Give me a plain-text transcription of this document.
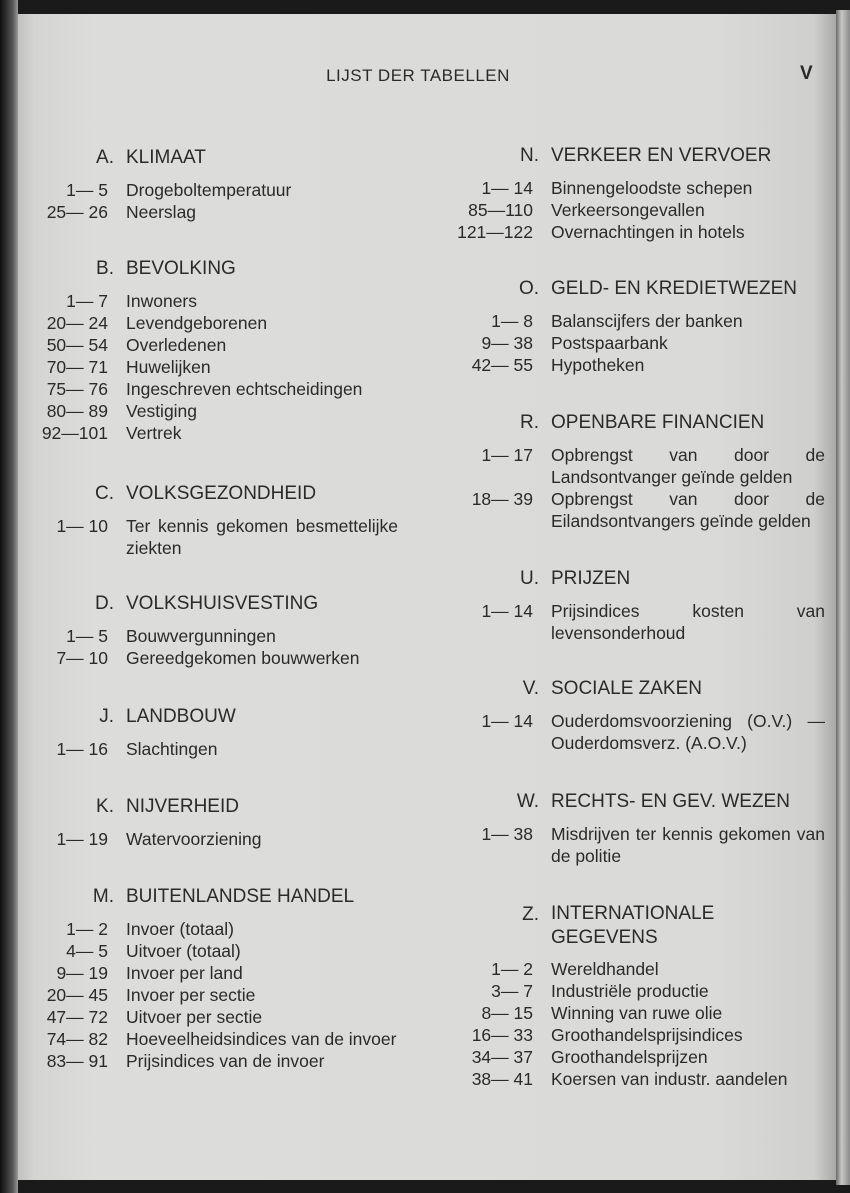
LIJST DER TABELLEN	V
A. KLIMAAT
1— 5 Drogeboltemperatuur
25— 26 Neerslag
B. BEVOLKING
1— 7 Inwoners
20— 24 Levendgeborenen
50— 54 Overledenen
70— 71 Huwelijken
75— 76 Ingeschreven echtscheidingen
80— 89 Vestiging
92—101 Vertrek
C. VOLKSGEZONDHEID
1— 10 Ter kennis gekomen besmettelijke ziekten
D. VOLKSHUISVESTING
1— 5 Bouwvergunningen
7— 10 Gereedgekomen bouwwerken
J. LANDBOUW
1— 16 Slachtingen
K. NIJVERHEID
1— 19 Watervoorziening
M. BUITENLANDSE HANDEL
1— 2 Invoer (totaal)
4— 5 Uitvoer (totaal)
9— 19 Invoer per land
20— 45 Invoer per sectie
47— 72 Uitvoer per sectie
74— 82 Hoeveelheidsindices van de invoer
83— 91 Prijsindices van de invoer
N. VERKEER EN VERVOER
1— 14 Binnengeloodste schepen
85—110 Verkeersongevallen
121—122 Overnachtingen in hotels
O. GELD- EN KREDIETWEZEN
1— 8 Balanscijfers der banken
9— 38 Postspaarbank
42— 55 Hypotheken
R. OPENBARE FINANCIEN
1— 17 Opbrengst van door de Landsontvanger geïnde gelden
18— 39 Opbrengst van door de Eilandsontvangers geïnde gelden
U. PRIJZEN
1— 14 Prijsindices kosten van levensonderhoud
V. SOCIALE ZAKEN
1— 14 Ouderdomsvoorziening (O.V.) — Ouderdomsverz. (A.O.V.)
W. RECHTS- EN GEV. WEZEN
1— 38 Misdrijven ter kennis gekomen van de politie
Z. INTERNATIONALE GEGEVENS
1— 2 Wereldhandel
3— 7 Industriële productie
8— 15 Winning van ruwe olie
16— 33 Groothandelsprijsindices
34— 37 Groothandelsprijzen
38— 41 Koersen van industr. aandelen
